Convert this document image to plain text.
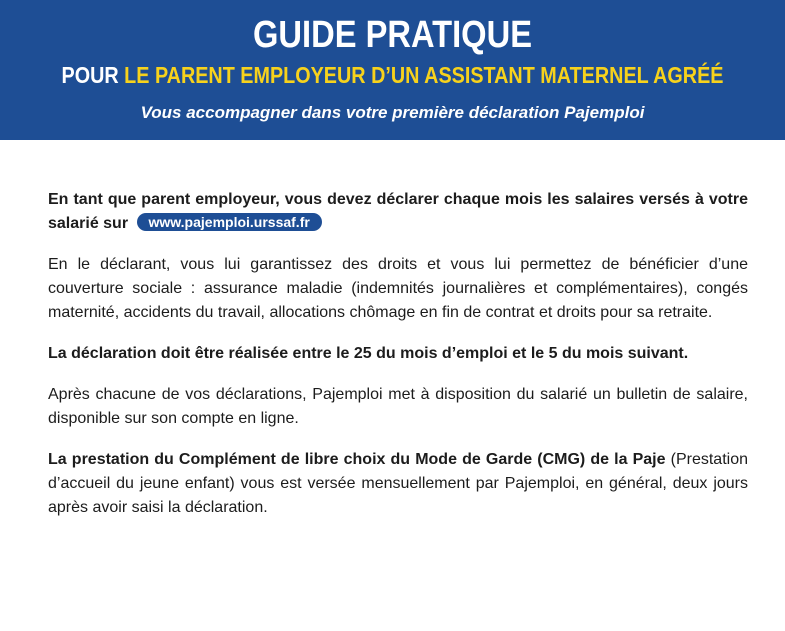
GUIDE PRATIQUE
POUR LE PARENT EMPLOYEUR D’UN ASSISTANT MATERNEL AGRÉÉ
Vous accompagner dans votre première déclaration Pajemploi

En tant que parent employeur, vous devez déclarer chaque mois les salaires versés à votre salarié sur www.pajemploi.urssaf.fr

En le déclarant, vous lui garantissez des droits et vous lui permettez de bénéficier d’une couverture sociale : assurance maladie (indemnités journalières et complémentaires), congés maternité, accidents du travail, allocations chômage en fin de contrat et droits pour sa retraite.

La déclaration doit être réalisée entre le 25 du mois d’emploi et le 5 du mois suivant.

Après chacune de vos déclarations, Pajemploi met à disposition du salarié un bulletin de salaire, disponible sur son compte en ligne.

La prestation du Complément de libre choix du Mode de Garde (CMG) de la Paje (Prestation d’accueil du jeune enfant) vous est versée mensuellement par Pajemploi, en général, deux jours après avoir saisi la déclaration.
